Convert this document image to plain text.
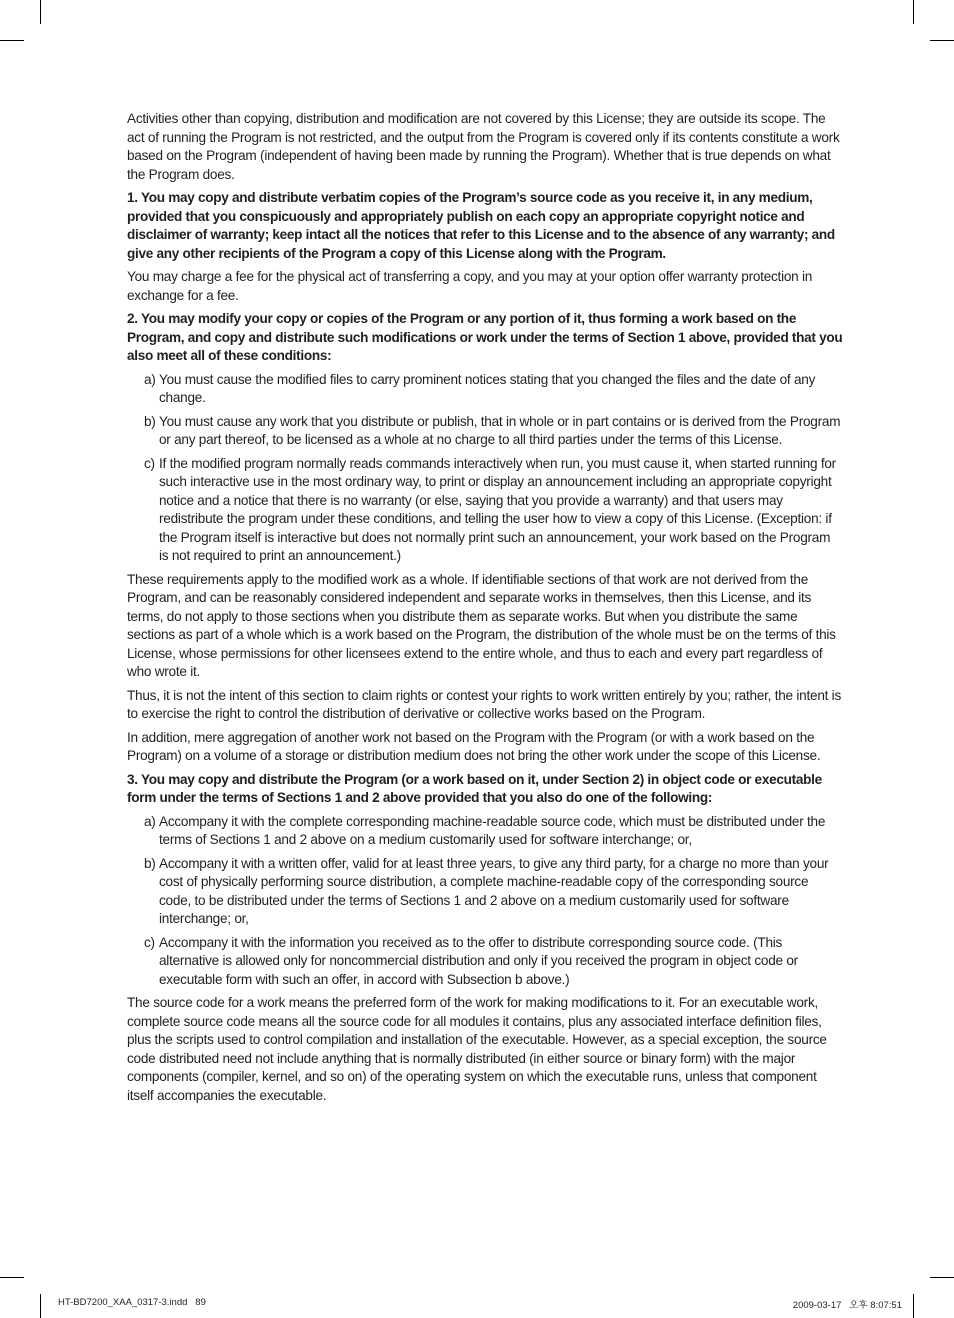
Activities other than copying, distribution and modification are not covered by this License; they are outside its scope. The act of running the Program is not restricted, and the output from the Program is covered only if its contents constitute a work based on the Program (independent of having been made by running the Program). Whether that is true depends on what the Program does.

1. You may copy and distribute verbatim copies of the Program’s source code as you receive it, in any medium, provided that you conspicuously and appropriately publish on each copy an appropriate copyright notice and disclaimer of warranty; keep intact all the notices that refer to this License and to the absence of any warranty; and give any other recipients of the Program a copy of this License along with the Program.

You may charge a fee for the physical act of transferring a copy, and you may at your option offer warranty protection in exchange for a fee.

2. You may modify your copy or copies of the Program or any portion of it, thus forming a work based on the Program, and copy and distribute such modifications or work under the terms of Section 1 above, provided that you also meet all of these conditions:

a) You must cause the modified files to carry prominent notices stating that you changed the files and the date of any change.
b) You must cause any work that you distribute or publish, that in whole or in part contains or is derived from the Program or any part thereof, to be licensed as a whole at no charge to all third parties under the terms of this License.
c) If the modified program normally reads commands interactively when run, you must cause it, when started running for such interactive use in the most ordinary way, to print or display an announcement including an appropriate copyright notice and a notice that there is no warranty (or else, saying that you provide a warranty) and that users may redistribute the program under these conditions, and telling the user how to view a copy of this License. (Exception: if the Program itself is interactive but does not normally print such an announcement, your work based on the Program is not required to print an announcement.)

These requirements apply to the modified work as a whole. If identifiable sections of that work are not derived from the Program, and can be reasonably considered independent and separate works in themselves, then this License, and its terms, do not apply to those sections when you distribute them as separate works. But when you distribute the same sections as part of a whole which is a work based on the Program, the distribution of the whole must be on the terms of this License, whose permissions for other licensees extend to the entire whole, and thus to each and every part regardless of who wrote it.

Thus, it is not the intent of this section to claim rights or contest your rights to work written entirely by you; rather, the intent is to exercise the right to control the distribution of derivative or collective works based on the Program.

In addition, mere aggregation of another work not based on the Program with the Program (or with a work based on the Program) on a volume of a storage or distribution medium does not bring the other work under the scope of this License.

3. You may copy and distribute the Program (or a work based on it, under Section 2) in object code or executable form under the terms of Sections 1 and 2 above provided that you also do one of the following:

a) Accompany it with the complete corresponding machine-readable source code, which must be distributed under the terms of Sections 1 and 2 above on a medium customarily used for software interchange; or,
b) Accompany it with a written offer, valid for at least three years, to give any third party, for a charge no more than your cost of physically performing source distribution, a complete machine-readable copy of the corresponding source code, to be distributed under the terms of Sections 1 and 2 above on a medium customarily used for software interchange; or,
c) Accompany it with the information you received as to the offer to distribute corresponding source code. (This alternative is allowed only for noncommercial distribution and only if you received the program in object code or executable form with such an offer, in accord with Subsection b above.)

The source code for a work means the preferred form of the work for making modifications to it. For an executable work, complete source code means all the source code for all modules it contains, plus any associated interface definition files, plus the scripts used to control compilation and installation of the executable. However, as a special exception, the source code distributed need not include anything that is normally distributed (in either source or binary form) with the major components (compiler, kernel, and so on) of the operating system on which the executable runs, unless that component itself accompanies the executable.

HT-BD7200_XAA_0317-3.indd   89	2009-03-17   오후 8:07:51
